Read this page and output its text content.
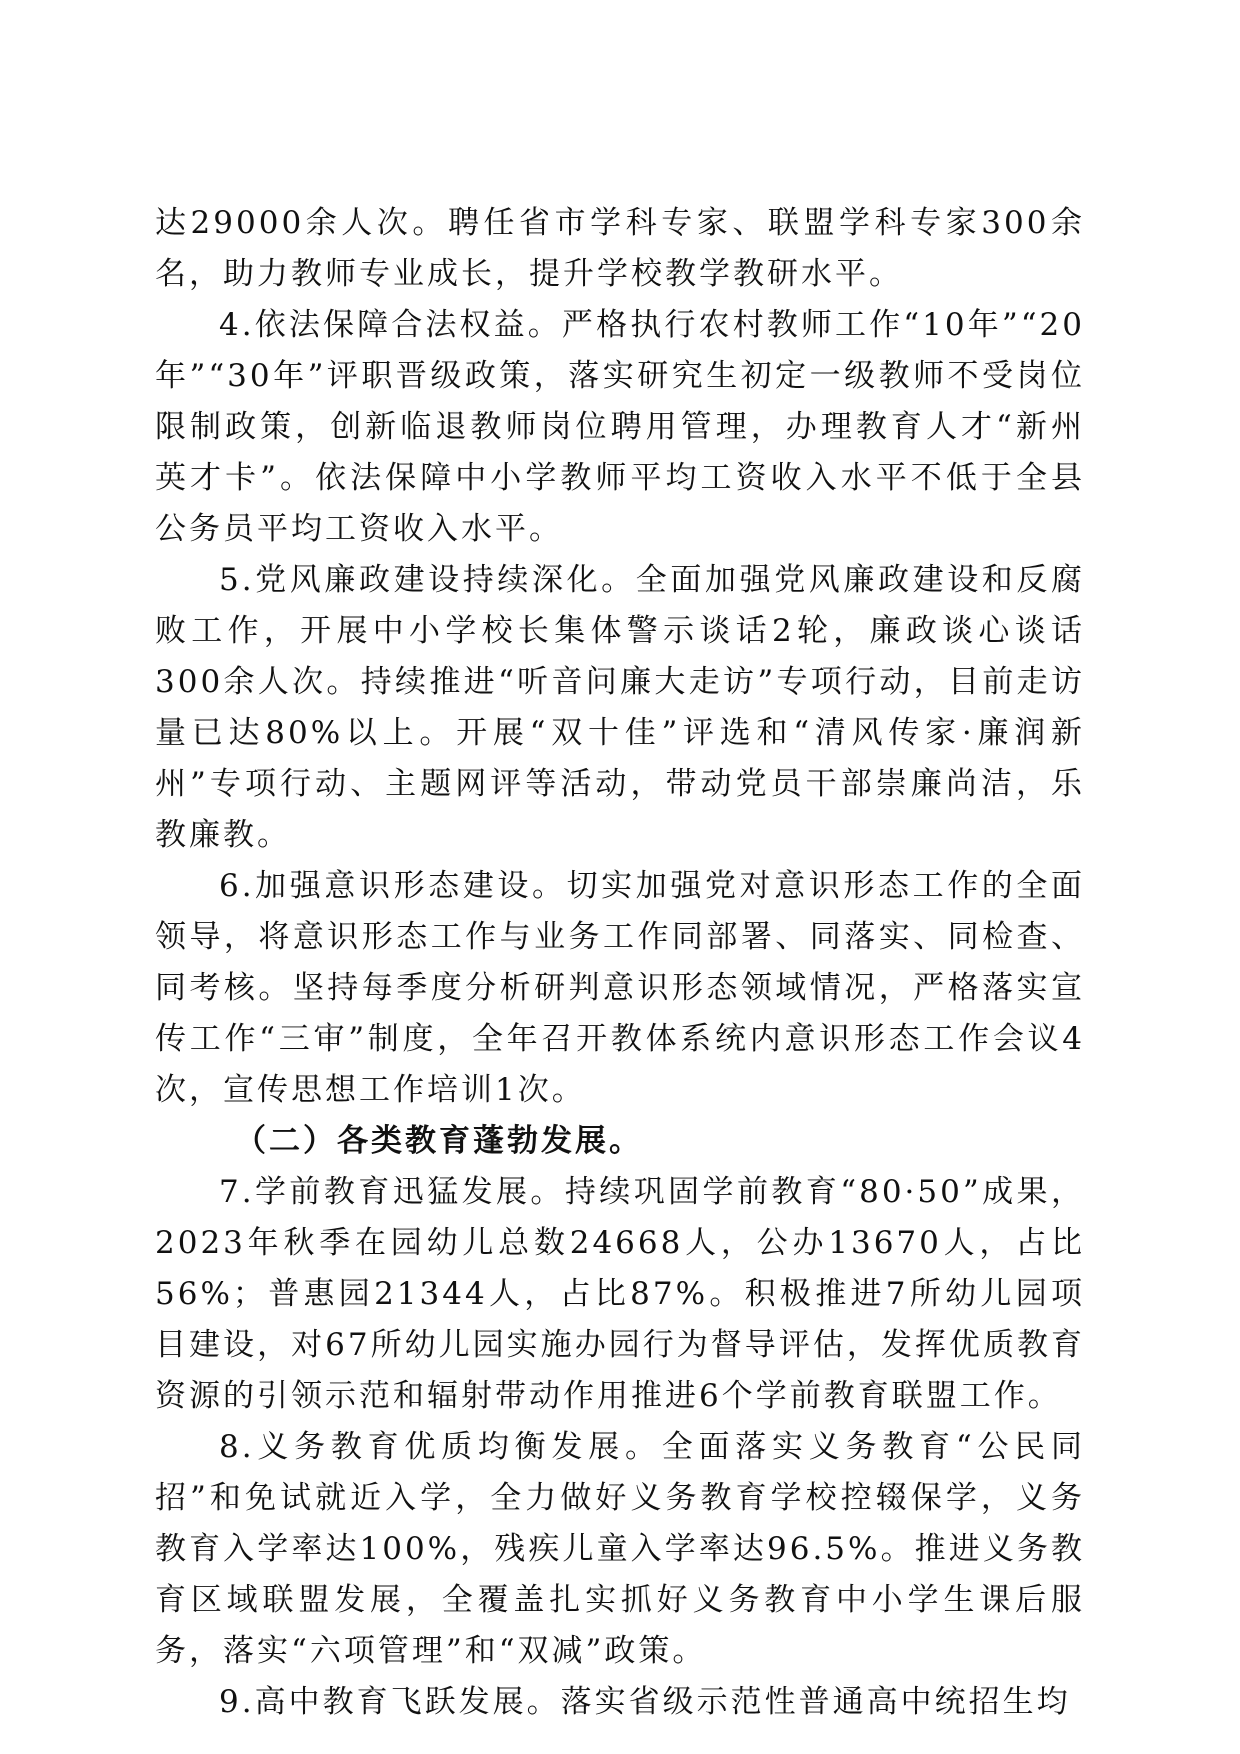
达29000余人次。聘任省市学科专家、联盟学科专家300余名，助力教师专业成长，提升学校教学教研水平。

4.依法保障合法权益。严格执行农村教师工作“10年”“20年”“30年”评职晋级政策，落实研究生初定一级教师不受岗位限制政策，创新临退教师岗位聘用管理，办理教育人才“新州英才卡”。依法保障中小学教师平均工资收入水平不低于全县公务员平均工资收入水平。

5.党风廉政建设持续深化。全面加强党风廉政建设和反腐败工作，开展中小学校长集体警示谈话2轮，廉政谈心谈话300余人次。持续推进“听音问廉大走访”专项行动，目前走访量已达80%以上。开展“双十佳”评选和“清风传家·廉润新州”专项行动、主题网评等活动，带动党员干部崇廉尚洁，乐教廉教。

6.加强意识形态建设。切实加强党对意识形态工作的全面领导，将意识形态工作与业务工作同部署、同落实、同检查、同考核。坚持每季度分析研判意识形态领域情况，严格落实宣传工作“三审”制度，全年召开教体系统内意识形态工作会议4次，宣传思想工作培训1次。

（二）各类教育蓬勃发展。

7.学前教育迅猛发展。持续巩固学前教育“80·50”成果，2023年秋季在园幼儿总数24668人，公办13670人，占比56%；普惠园21344人，占比87%。积极推进7所幼儿园项目建设，对67所幼儿园实施办园行为督导评估，发挥优质教育资源的引领示范和辐射带动作用推进6个学前教育联盟工作。

8.义务教育优质均衡发展。全面落实义务教育“公民同招”和免试就近入学，全力做好义务教育学校控辍保学，义务教育入学率达100%，残疾儿童入学率达96.5%。推进义务教育区域联盟发展，全覆盖扎实抓好义务教育中小学生课后服务，落实“六项管理”和“双减”政策。

9.高中教育飞跃发展。落实省级示范性普通高中统招生均
